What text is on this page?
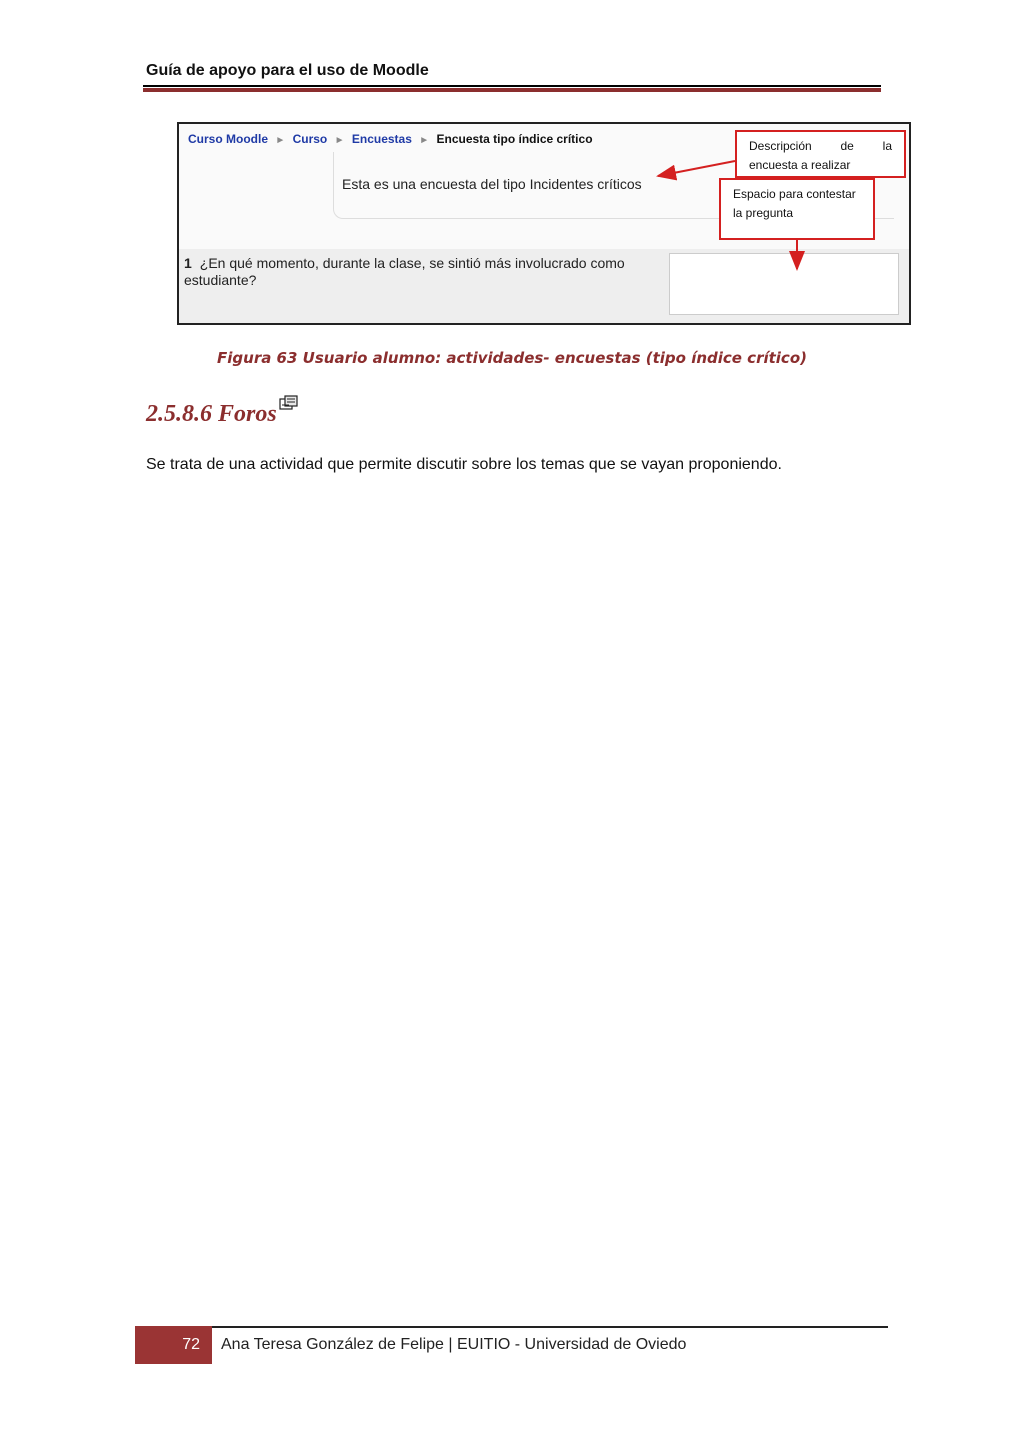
Guía de apoyo para el uso de Moodle
Curso Moodle ► Curso ► Encuestas ► Encuesta tipo índice crítico
Esta es una encuesta del tipo Incidentes críticos
1 ¿En qué momento, durante la clase, se sintió más involucrado como estudiante?
Descripción de la
encuesta a realizar
Espacio para contestar
la pregunta
Figura 63 Usuario alumno: actividades- encuestas (tipo índice crítico)
2.5.8.6 Foros
Se trata de una actividad que permite discutir sobre los temas que se vayan proponiendo.
72	Ana Teresa González de Felipe | EUITIO - Universidad de Oviedo
